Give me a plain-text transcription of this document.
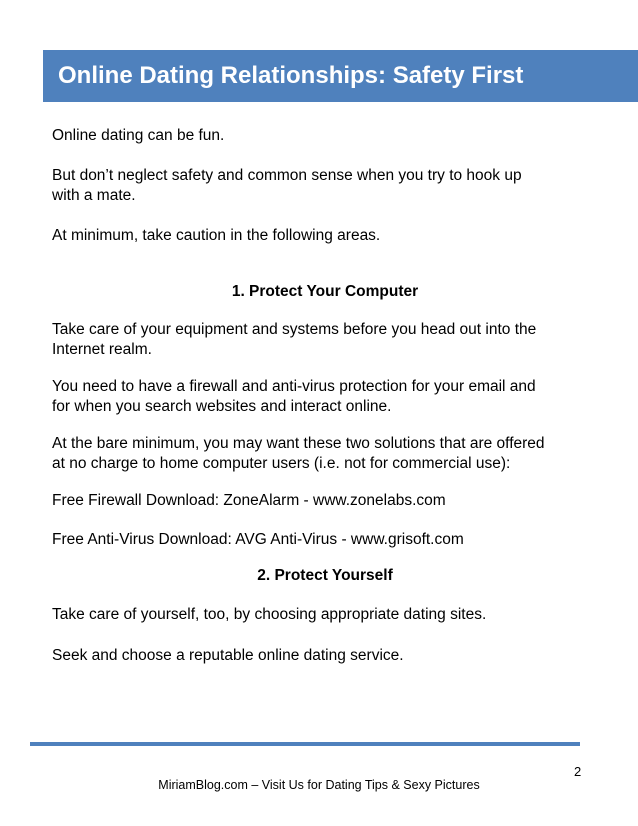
Online Dating Relationships: Safety First
Online dating can be fun.
But don’t neglect safety and common sense when you try to hook up
with a mate.
At minimum, take caution in the following areas.
1. Protect Your Computer
Take care of your equipment and systems before you head out into the
Internet realm.
You need to have a firewall and anti-virus protection for your email and
for when you search websites and interact online.
At the bare minimum, you may want these two solutions that are offered
at no charge to home computer users (i.e. not for commercial use):
Free Firewall Download: ZoneAlarm - www.zonelabs.com
Free Anti-Virus Download: AVG Anti-Virus - www.grisoft.com
2. Protect Yourself
Take care of yourself, too, by choosing appropriate dating sites.
Seek and choose a reputable online dating service.
2
MiriamBlog.com – Visit Us for Dating Tips & Sexy Pictures
